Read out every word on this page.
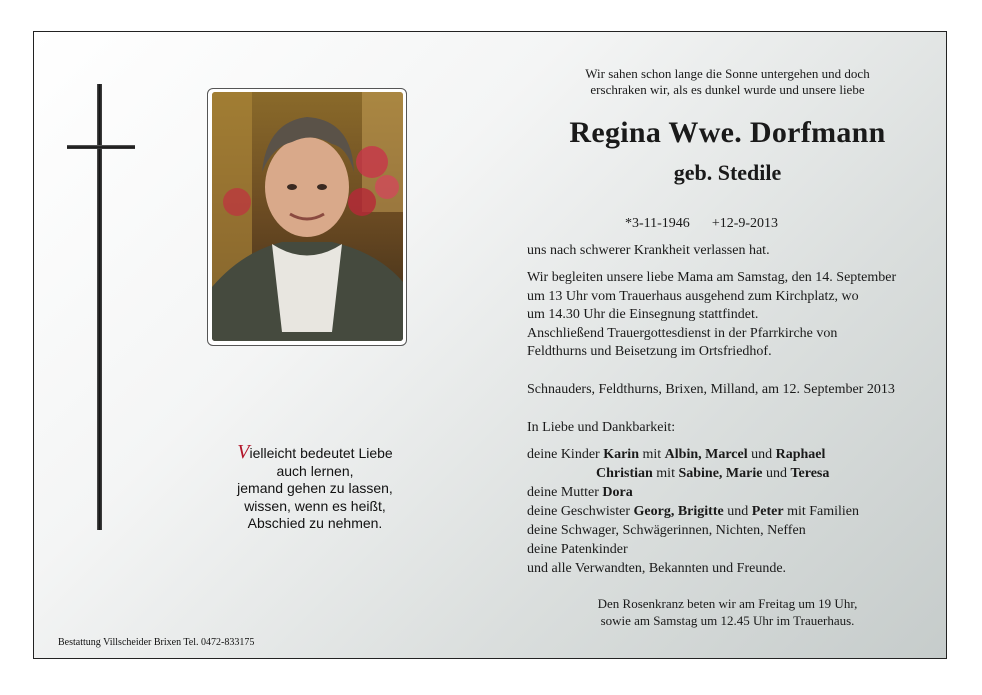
Vielleicht bedeutet Liebe
auch lernen,
jemand gehen zu lassen,
wissen, wenn es heißt,
Abschied zu nehmen.
Bestattung Villscheider Brixen Tel. 0472-833175
Wir sahen schon lange die Sonne untergehen und doch
erschraken wir, als es dunkel wurde und unsere liebe
Regina Wwe. Dorfmann
geb. Stedile
*3-11-1946 +12-9-2013
uns nach schwerer Krankheit verlassen hat.
Wir begleiten unsere liebe Mama am Samstag, den 14. September
um 13 Uhr vom Trauerhaus ausgehend zum Kirchplatz, wo
um 14.30 Uhr die Einsegnung stattfindet.
Anschließend Trauergottesdienst in der Pfarrkirche von
Feldthurns und Beisetzung im Ortsfriedhof.
Schnauders, Feldthurns, Brixen, Milland, am 12. September 2013
In Liebe und Dankbarkeit:
deine Kinder Karin mit Albin, Marcel und Raphael
Christian mit Sabine, Marie und Teresa
deine Mutter Dora
deine Geschwister Georg, Brigitte und Peter mit Familien
deine Schwager, Schwägerinnen, Nichten, Neffen
deine Patenkinder
und alle Verwandten, Bekannten und Freunde.
Den Rosenkranz beten wir am Freitag um 19 Uhr,
sowie am Samstag um 12.45 Uhr im Trauerhaus.
